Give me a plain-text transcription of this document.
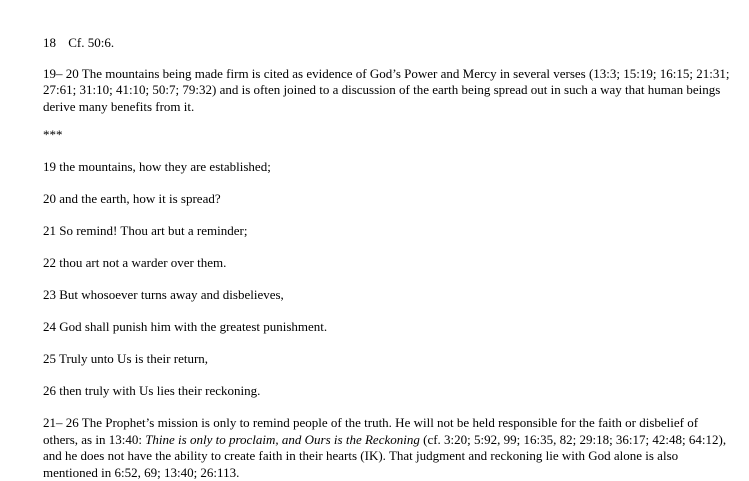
18 Cf. 50:6.

19– 20 The mountains being made firm is cited as evidence of God’s Power and Mercy in several verses (13:3; 15:19; 16:15; 21:31; 27:61; 31:10; 41:10; 50:7; 79:32) and is often joined to a discussion of the earth being spread out in such a way that human beings derive many benefits from it.

***

19 the mountains, how they are established;

20 and the earth, how it is spread?

21 So remind! Thou art but a reminder;

22 thou art not a warder over them.

23 But whosoever turns away and disbelieves,

24 God shall punish him with the greatest punishment.

25 Truly unto Us is their return,

26 then truly with Us lies their reckoning.

21– 26 The Prophet’s mission is only to remind people of the truth. He will not be held responsible for the faith or disbelief of others, as in 13:40: Thine is only to proclaim, and Ours is the Reckoning (cf. 3:20; 5:92, 99; 16:35, 82; 29:18; 36:17; 42:48; 64:12), and he does not have the ability to create faith in their hearts (IK). That judgment and reckoning lie with God alone is also mentioned in 6:52, 69; 13:40; 26:113.
